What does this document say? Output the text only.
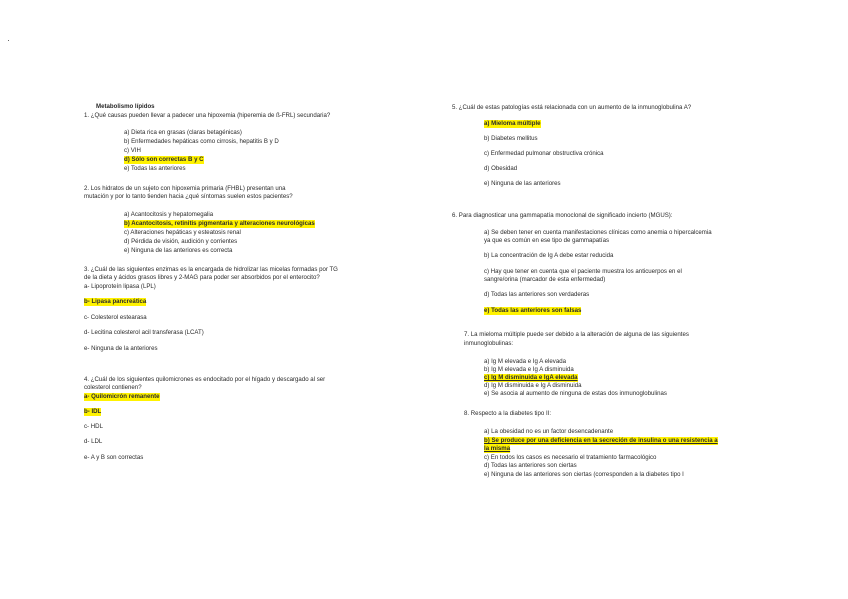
Metabolismo lípidos
1. ¿Qué causas pueden llevar a padecer una hipoxemia (hiperemia de ß-FRL) secundaria?
a) Dieta rica en grasas (claras betagénicas)
b) Enfermedades hepáticas como cirrosis, hepatitis B y D
c) VIH
d) Sólo son correctas B y C
e) Todas las anteriores
2. Los hidratos de un sujeto con hipoxemia primaria (FHBL) presentan una
mutación y por lo tanto tienden hacia ¿qué síntomas suelen estos pacientes?
a) Acantocitosis y hepatomegalia
b) Acantocitosis, retinitis pigmentaria y alteraciones neurológicas
c) Alteraciones hepáticas y esteatosis renal
d) Pérdida de visión, audición y corrientes
e) Ninguna de las anteriores es correcta
3. ¿Cuál de las siguientes enzimas es la encargada de hidrolizar las micelas formadas por TG
de la dieta y ácidos grasos libres y 2-MAG para poder ser absorbidos por el enterocito?
a- Lipoproteín lipasa (LPL)
b- Lipasa pancreática
c- Colesterol estearasa
d- Lecitina colesterol acil transferasa (LCAT)
e- Ninguna de la anteriores
4. ¿Cuál de los siguientes quilomicrones es endocitado por el hígado y descargado al ser
colesterol contienen?
a- Quilomicrón remanente
b- IDL
c- HDL
d- LDL
e- A y B son correctas
5. ¿Cuál de estas patologías está relacionada con un aumento de la inmunoglobulina A?
a) Mieloma múltiple
b) Diabetes mellitus
c) Enfermedad pulmonar obstructiva crónica
d) Obesidad
e) Ninguna de las anteriores
6. Para diagnosticar una gammapatía monoclonal de significado incierto (MGUS):
a) Se deben tener en cuenta manifestaciones clínicas como anemia o hipercalcemia
ya que es común en ese tipo de gammapatías
b) La concentración de Ig A debe estar reducida
c) Hay que tener en cuenta que el paciente muestra los anticuerpos en el
sangre/orina (marcador de esta enfermedad)
d) Todas las anteriores son verdaderas
e) Todas las anteriores son falsas
7. La mieloma múltiple puede ser debido a la alteración de alguna de las siguientes
inmunoglobulinas:
a) Ig M elevada e Ig A elevada
b) Ig M elevada e Ig A disminuida
c) Ig M disminuida e IgA elevada
d) Ig M disminuida e Ig A disminuida
e) Se asocia al aumento de ninguna de estas dos inmunoglobulinas
8. Respecto a la diabetes tipo II:
a) La obesidad no es un factor desencadenante
b) Se produce por una deficiencia en la secreción de insulina o una resistencia a
la misma
c) En todos los casos es necesario el tratamiento farmacológico
d) Todas las anteriores son ciertas
e) Ninguna de las anteriores son ciertas (corresponden a la diabetes tipo I
